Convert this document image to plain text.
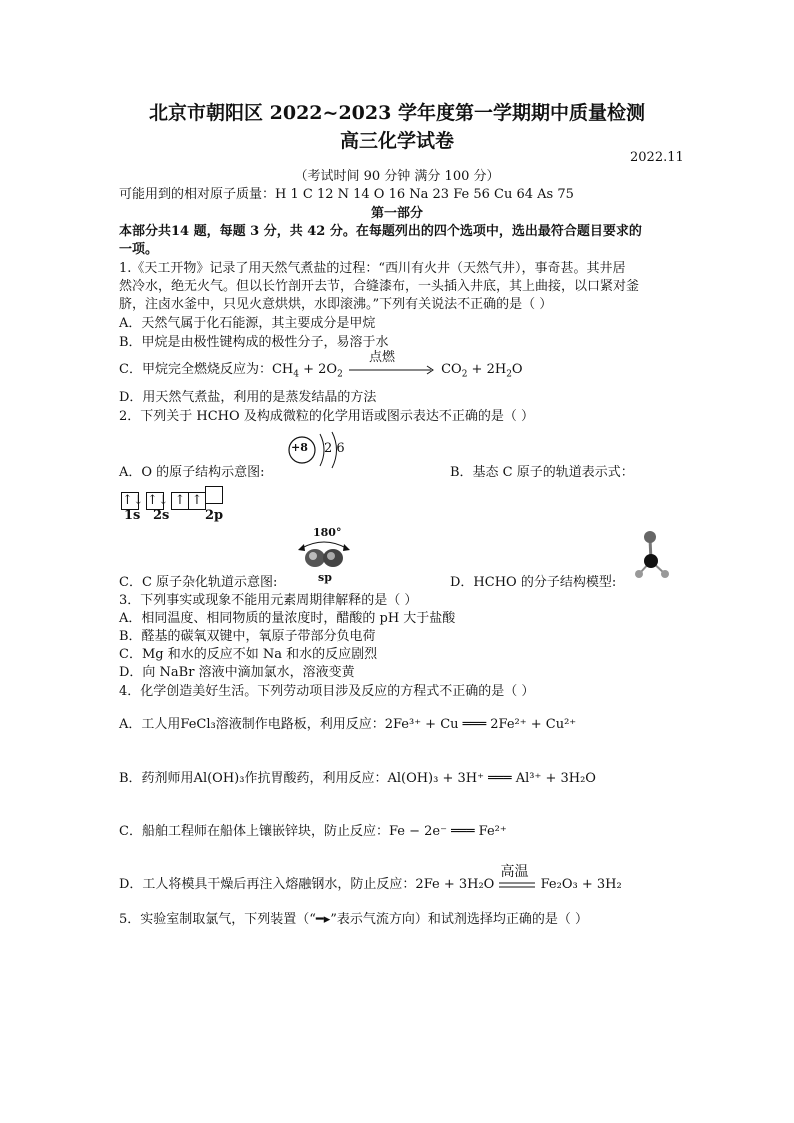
北京市朝阳区 2022~2023 学年度第一学期期中质量检测
高三化学试卷
2022.11
（考试时间 90 分钟 满分 100 分）
可能用到的相对原子质量：H 1 C 12 N 14 O 16 Na 23 Fe 56 Cu 64 As 75
第一部分
本部分共14 题，每题 3 分，共 42 分。在每题列出的四个选项中，选出最符合题目要求的
一项。
1.《天工开物》记录了用天然气煮盐的过程：“西川有火井（天然气井），事奇甚。其井居
然冷水，绝无火气。但以长竹剖开去节，合缝漆布，一头插入井底，其上曲接，以口紧对釜
脐，注卤水釜中，只见火意烘烘，水即滚沸。”下列有关说法不正确的是（ ）
A．天然气属于化石能源，其主要成分是甲烷
B．甲烷是由极性键构成的极性分子，易溶于水
C．甲烷完全燃烧反应为：$CH_4 + 2O_2$
点燃
$CO_2 + 2H_2O$
D．用天然气煮盐，利用的是蒸发结晶的方法
2．下列关于 HCHO 及构成微粒的化学用语或图示表达不正确的是（ ）
+8 2 6
A．O 的原子结构示意图:	B．基态 C 原子的轨道表示式：
↑↓ ↑↓ ↑ ↑
1s 2s	2p
180°
sp
C．C 原子杂化轨道示意图:	D．HCHO 的分子结构模型:
3．下列事实或现象不能用元素周期律解释的是（ ）
A．相同温度、相同物质的量浓度时，醋酸的 pH 大于盐酸
B．醛基的碳氧双键中，氧原子带部分负电荷
C．Mg 和水的反应不如 Na 和水的反应剧烈
D．向 NaBr 溶液中滴加氯水，溶液变黄
4．化学创造美好生活。下列劳动项目涉及反应的方程式不正确的是（ ）
A．工人用FeCl₃溶液制作电路板，利用反应：2Fe³⁺ + Cu ═══ 2Fe²⁺ + Cu²⁺
B．药剂师用Al(OH)₃作抗胃酸药，利用反应：Al(OH)₃ + 3H⁺ ═══ Al³⁺ + 3H₂O
C．船舶工程师在船体上镶嵌锌块，防止反应：Fe − 2e⁻ ═══ Fe²⁺
D．工人将模具干燥后再注入熔融钢水，防止反应：2Fe + 3H₂O
高温
Fe₂O₃ + 3H₂
5．实验室制取氯气，下列装置（“━▸”表示气流方向）和试剂选择均正确的是（ ）
